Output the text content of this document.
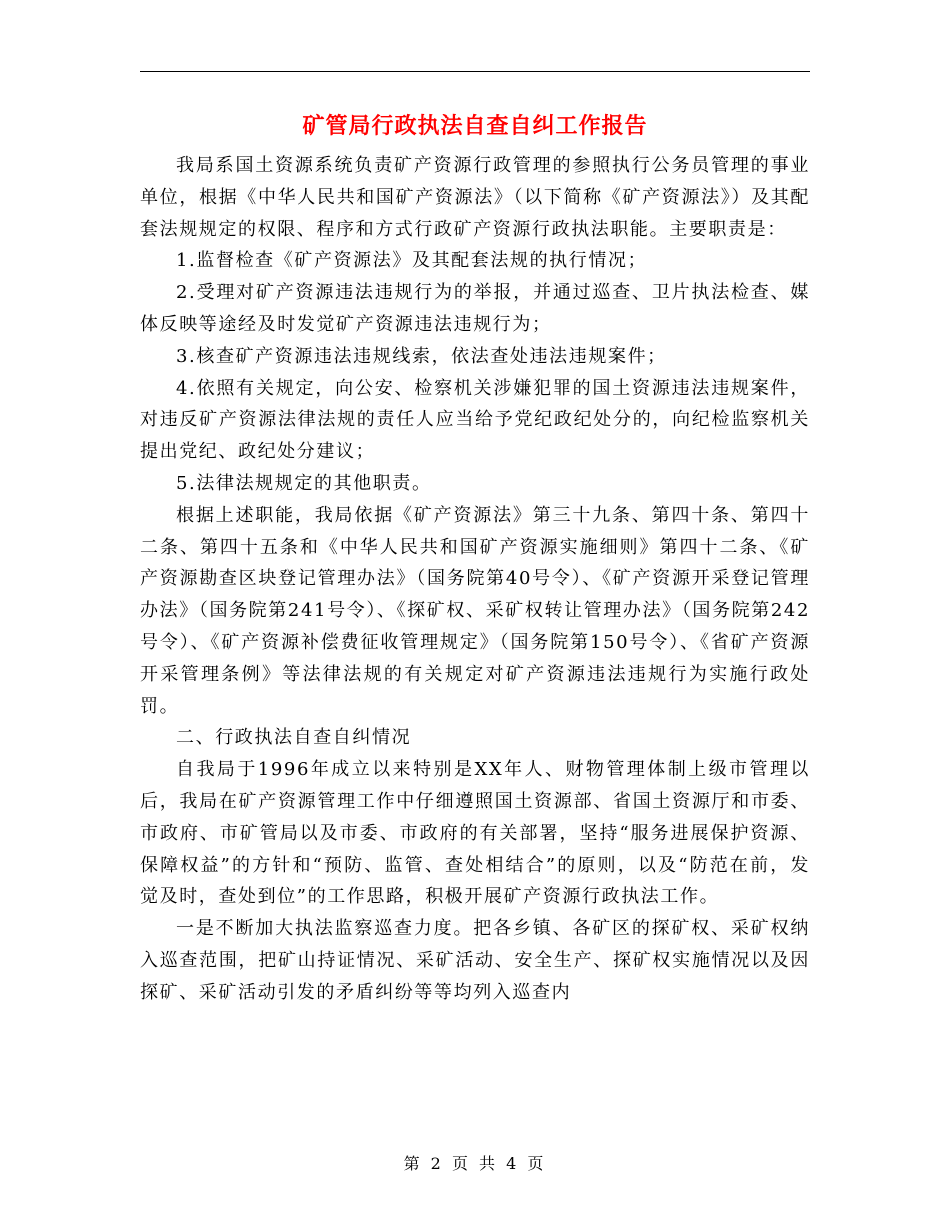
矿管局行政执法自查自纠工作报告

我局系国土资源系统负责矿产资源行政管理的参照执行公务员管理的事业单位，根据《中华人民共和国矿产资源法》（以下简称《矿产资源法》）及其配套法规规定的权限、程序和方式行政矿产资源行政执法职能。主要职责是：

1.监督检查《矿产资源法》及其配套法规的执行情况；

2.受理对矿产资源违法违规行为的举报，并通过巡查、卫片执法检查、媒体反映等途经及时发觉矿产资源违法违规行为；

3.核查矿产资源违法违规线索，依法查处违法违规案件；

4.依照有关规定，向公安、检察机关涉嫌犯罪的国土资源违法违规案件，对违反矿产资源法律法规的责任人应当给予党纪政纪处分的，向纪检监察机关提出党纪、政纪处分建议；

5.法律法规规定的其他职责。

根据上述职能，我局依据《矿产资源法》第三十九条、第四十条、第四十二条、第四十五条和《中华人民共和国矿产资源实施细则》第四十二条、《矿产资源勘查区块登记管理办法》（国务院第40号令）、《矿产资源开采登记管理办法》（国务院第241号令）、《探矿权、采矿权转让管理办法》（国务院第242号令）、《矿产资源补偿费征收管理规定》（国务院第150号令）、《省矿产资源开采管理条例》等法律法规的有关规定对矿产资源违法违规行为实施行政处罚。

二、行政执法自查自纠情况

自我局于1996年成立以来特别是XX年人、财物管理体制上级市管理以后，我局在矿产资源管理工作中仔细遵照国土资源部、省国土资源厅和市委、市政府、市矿管局以及市委、市政府的有关部署，坚持“服务进展保护资源、保障权益”的方针和“预防、监管、查处相结合”的原则，以及“防范在前，发觉及时，查处到位”的工作思路，积极开展矿产资源行政执法工作。

一是不断加大执法监察巡查力度。把各乡镇、各矿区的探矿权、采矿权纳入巡查范围，把矿山持证情况、采矿活动、安全生产、探矿权实施情况以及因探矿、采矿活动引发的矛盾纠纷等等均列入巡查内

第 2 页 共 4 页
